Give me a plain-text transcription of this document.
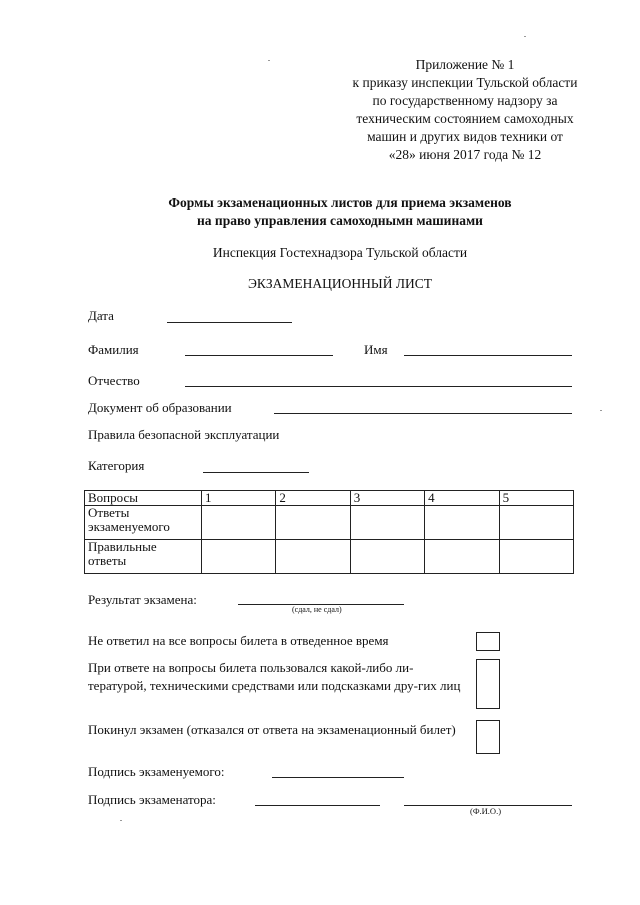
Приложение № 1
к приказу инспекции Тульской области
по государственному надзору за
техническим состоянием самоходных
машин и других видов техники от
«28» июня 2017 года № 12
Формы экзаменационных листов для приема экзаменов
на право управления самоходнымн машинами
Инспекция Гостехнадзора Тульской области
ЭКЗАМЕНАЦИОННЫЙ ЛИСТ
Дата
Фамилия	Имя
Отчество
Документ об образовании
Правила безопасной эксплуатации
Категория
Вопросы	1	2	3	4	5

Ответы
экзаменуемого					

Правильные
ответы					

Результат экзамена:
(сдал, не сдал)
Не ответил на все вопросы билета в отведенное время
При ответе на вопросы билета пользовался какой-либо ли-тературой, техническими средствами или подсказками дру-гих лиц
Покинул экзамен (отказался от ответа на экзаменационный билет)
Подпись экзаменуемого:
Подпись экзаменатора:
(Ф.И.О.)
